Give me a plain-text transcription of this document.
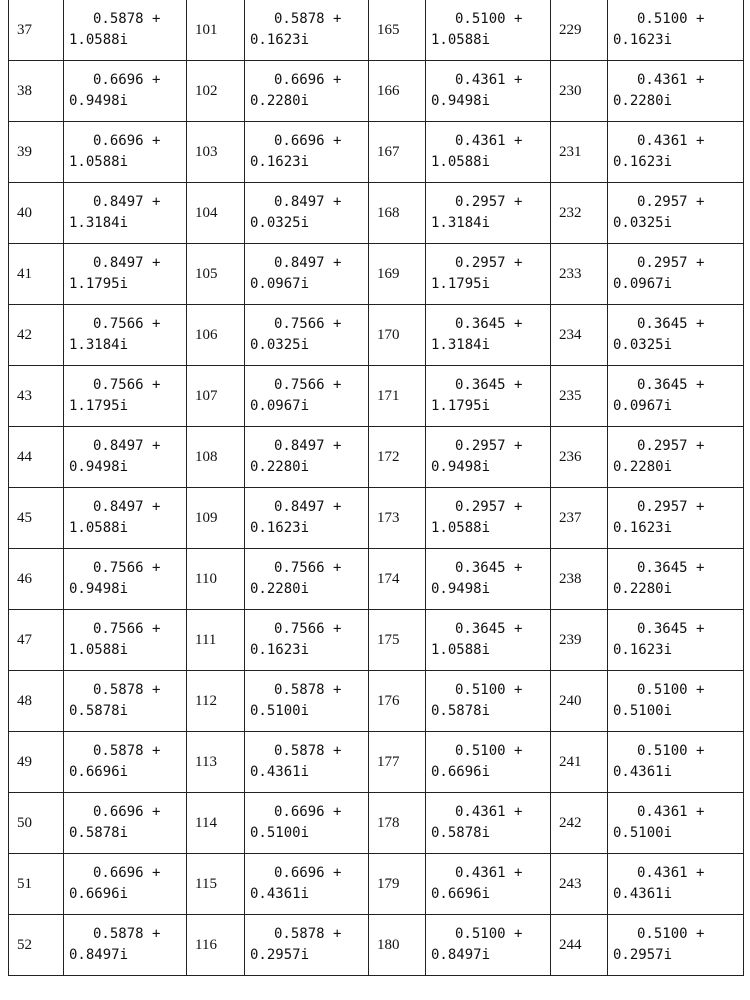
37	
0.5878 +
1.0588i
	101	
0.5878 +
0.1623i
	165	
0.5100 +
1.0588i
	229	
0.5100 +
0.1623i

38	
0.6696 +
0.9498i
	102	
0.6696 +
0.2280i
	166	
0.4361 +
0.9498i
	230	
0.4361 +
0.2280i

39	
0.6696 +
1.0588i
	103	
0.6696 +
0.1623i
	167	
0.4361 +
1.0588i
	231	
0.4361 +
0.1623i

40	
0.8497 +
1.3184i
	104	
0.8497 +
0.0325i
	168	
0.2957 +
1.3184i
	232	
0.2957 +
0.0325i

41	
0.8497 +
1.1795i
	105	
0.8497 +
0.0967i
	169	
0.2957 +
1.1795i
	233	
0.2957 +
0.0967i

42	
0.7566 +
1.3184i
	106	
0.7566 +
0.0325i
	170	
0.3645 +
1.3184i
	234	
0.3645 +
0.0325i

43	
0.7566 +
1.1795i
	107	
0.7566 +
0.0967i
	171	
0.3645 +
1.1795i
	235	
0.3645 +
0.0967i

44	
0.8497 +
0.9498i
	108	
0.8497 +
0.2280i
	172	
0.2957 +
0.9498i
	236	
0.2957 +
0.2280i

45	
0.8497 +
1.0588i
	109	
0.8497 +
0.1623i
	173	
0.2957 +
1.0588i
	237	
0.2957 +
0.1623i

46	
0.7566 +
0.9498i
	110	
0.7566 +
0.2280i
	174	
0.3645 +
0.9498i
	238	
0.3645 +
0.2280i

47	
0.7566 +
1.0588i
	111	
0.7566 +
0.1623i
	175	
0.3645 +
1.0588i
	239	
0.3645 +
0.1623i

48	
0.5878 +
0.5878i
	112	
0.5878 +
0.5100i
	176	
0.5100 +
0.5878i
	240	
0.5100 +
0.5100i

49	
0.5878 +
0.6696i
	113	
0.5878 +
0.4361i
	177	
0.5100 +
0.6696i
	241	
0.5100 +
0.4361i

50	
0.6696 +
0.5878i
	114	
0.6696 +
0.5100i
	178	
0.4361 +
0.5878i
	242	
0.4361 +
0.5100i

51	
0.6696 +
0.6696i
	115	
0.6696 +
0.4361i
	179	
0.4361 +
0.6696i
	243	
0.4361 +
0.4361i

52	
0.5878 +
0.8497i
	116	
0.5878 +
0.2957i
	180	
0.5100 +
0.8497i
	244	
0.5100 +
0.2957i
